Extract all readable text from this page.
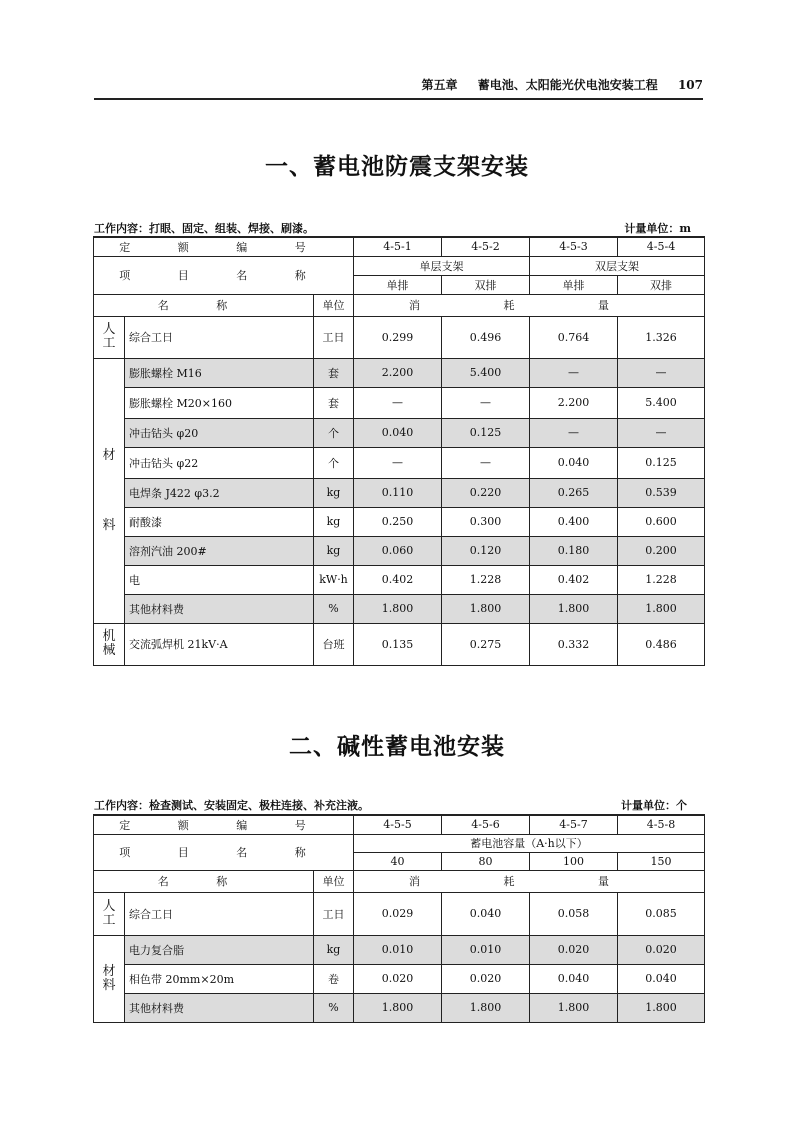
第五章 蓄电池、太阳能光伏电池安装工程 107
一、蓄电池防震支架安装
工作内容：打眼、固定、组装、焊接、刷漆。	计量单位：m
定 额 编 号			4-5-1	4-5-2	4-5-3	4-5-4
项 目 名 称			单层支架		双层支架	
			单排	双排	单排	双排
名 称		单位	消 耗 量			
人
工	综合工日	工日	0.299	0.496	0.764	1.326
材

料	膨胀螺栓 M16	套	2.200	5.400	—	—
	膨胀螺栓 M20×160	套	—	—	2.200	5.400
	冲击钻头 φ20	个	0.040	0.125	—	—
	冲击钻头 φ22	个	—	—	0.040	0.125
	电焊条 J422 φ3.2	kg	0.110	0.220	0.265	0.539
	耐酸漆	kg	0.250	0.300	0.400	0.600
	溶剂汽油 200#	kg	0.060	0.120	0.180	0.200
	电	kW·h	0.402	1.228	0.402	1.228
	其他材料费	%	1.800	1.800	1.800	1.800
机
械	交流弧焊机 21kV·A	台班	0.135	0.275	0.332	0.486
二、碱性蓄电池安装
工作内容：检查测试、安装固定、极柱连接、补充注液。	计量单位：个
定 额 编 号			4-5-5	4-5-6	4-5-7	4-5-8
项 目 名 称			蓄电池容量（A·h以下）			
			40	80	100	150
名 称		单位	消 耗 量			
人
工	综合工日	工日	0.029	0.040	0.058	0.085
材
料	电力复合脂	kg	0.010	0.010	0.020	0.020
	相色带 20mm×20m	卷	0.020	0.020	0.040	0.040
	其他材料费	%	1.800	1.800	1.800	1.800
